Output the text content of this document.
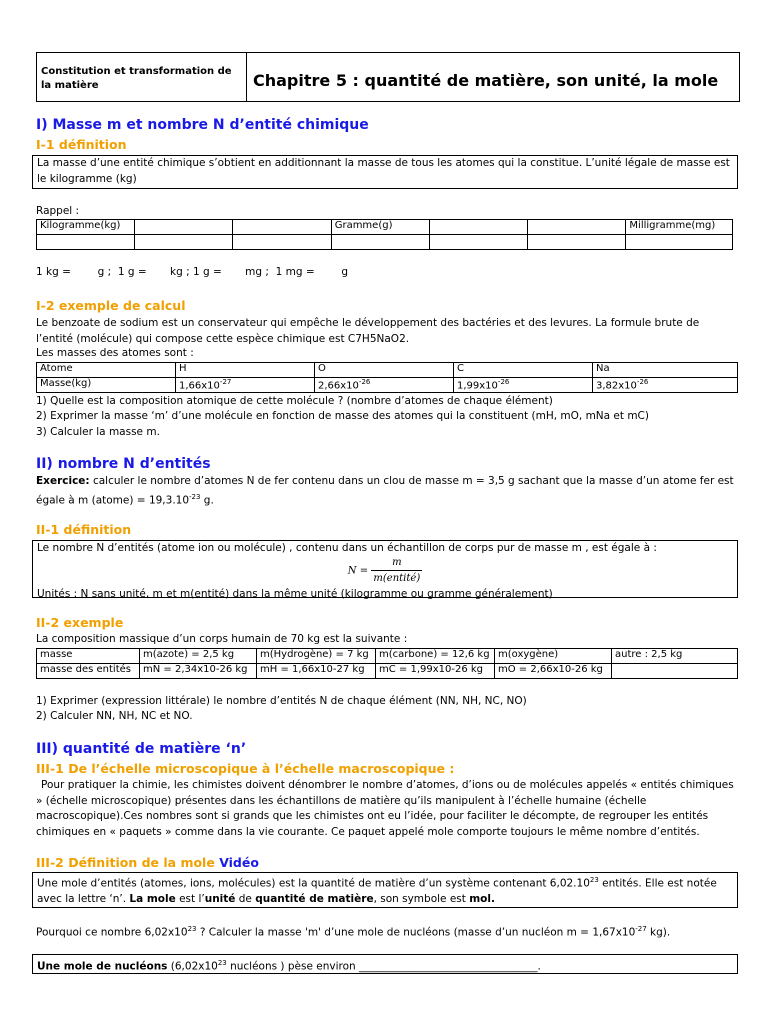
Constitution et transformation de la matière	Chapitre 5 : quantité de matière, son unité, la mole
I) Masse m et nombre N d’entité chimique
I-1 définition
La masse d’une entité chimique s’obtient en additionnant la masse de tous les atomes qui la constitue. L’unité légale de masse est le kilogramme (kg)
Rappel :
Kilogramme(kg)			Gramme(g)			Milligramme(mg)

1 kg =        g ;  1 g =       kg ; 1 g =       mg ;  1 mg =        g
I-2 exemple de calcul
Le benzoate de sodium est un conservateur qui empêche le développement des bactéries et des levures. La formule brute de l’entité (molécule) qui compose cette espèce chimique est C7H5NaO2.
Les masses des atomes sont :
Atome	H	O	C	Na
Masse(kg)	$1,66x10^{-27}$	$2,66x10^{-26}$	$1,99x10^{-26}$	$3,82x10^{-26}$
1) Quelle est la composition atomique de cette molécule ? (nombre d’atomes de chaque élément)
2) Exprimer la masse ‘m’ d’une molécule en fonction de masse des atomes qui la constituent (mH, mO, mNa et mC)
3) Calculer la masse m.
II) nombre N d’entités
Exercice: calculer le nombre d’atomes N de fer contenu dans un clou de masse m = 3,5 g sachant que la masse d’un atome fer est égale à m (atome) = $19,3.10^{-23}$ g.
II-1 définition
Le nombre N d’entités (atome ion ou molécule) , contenu dans un échantillon de corps pur de masse m , est égale à :
$N = \frac{m}{\text{m(entité)}}$
Unités : N sans unité, m et m(entité) dans la même unité (kilogramme ou gramme généralement)
II-2 exemple
La composition massique d’un corps humain de 70 kg est la suivante :
masse	m(azote) = 2,5 kg	m(Hydrogène) = 7 kg	m(carbone) = 12,6 kg	m(oxygène)	autre : 2,5 kg
masse des entités	mN = 2,34x10-26 kg	mH = 1,66x10-27 kg	mC = 1,99x10-26 kg	mO = 2,66x10-26 kg	
1) Exprimer (expression littérale) le nombre d’entités N de chaque élément (NN, NH, NC, NO)
2) Calculer NN, NH, NC et NO.
III) quantité de matière ‘n’
III-1 De l’échelle microscopique à l’échelle macroscopique :
Pour pratiquer la chimie, les chimistes doivent dénombrer le nombre d’atomes, d’ions ou de molécules appelés « entités chimiques » (échelle microscopique) présentes dans les échantillons de matière qu’ils manipulent à l’échelle humaine (échelle macroscopique).Ces nombres sont si grands que les chimistes ont eu l’idée, pour faciliter le décompte, de regrouper les entités chimiques en « paquets » comme dans la vie courante. Ce paquet appelé mole comporte toujours le même nombre d’entités.
III-2 Définition de la mole Vidéo
Une mole d’entités (atomes, ions, molécules) est la quantité de matière d’un système contenant 6,02.10$^{23}$ entités. Elle est notée avec la lettre ‘n’. La mole est l’unité de quantité de matière, son symbole est mol.
Pourquoi ce nombre $6,02x10^{23}$ ? Calculer la masse 'm' d’une mole de nucléons (masse d’un nucléon $m = 1,67x10^{-27}$ kg).
Une mole de nucléons ($6,02x10^{23}$ nucléons ) pèse environ __________________________________.
